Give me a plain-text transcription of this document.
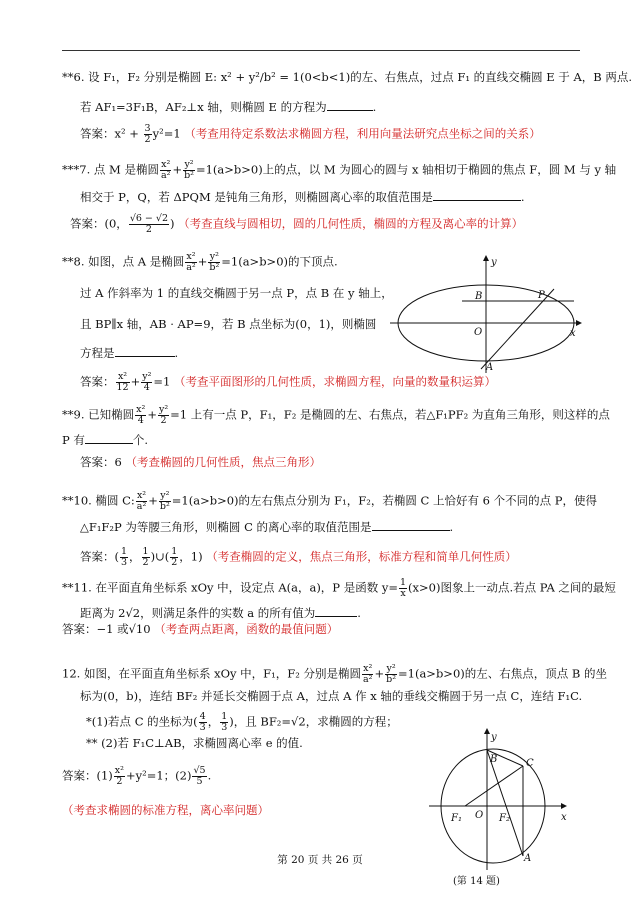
**6. 设 F₁，F₂ 分别是椭圆 E: x² + y²/b² = 1(0<b<1)的左、右焦点，过点 F₁ 的直线交椭圆 E 于 A，B 两点.
若 AF₁=3F₁B，AF₂⊥x 轴，则椭圆 E 的方程为	.
答案：$x^2 + \frac{3}{2} y^2=1$ （考查用待定系数法求椭圆方程，利用向量法研究点坐标之间的关系）
***7. 点 M 是椭圆 $\frac{\text{x²}}{\text{a²}} + \frac{\text{y²}}{\text{b²}} =1(a>b>0)$上的点，以 M 为圆心的圆与 x 轴相切于椭圆的焦点 F，圆 M 与 y 轴
相交于 P，Q，若 ΔPQM 是钝角三角形，则椭圆离心率的取值范围是	.
答案：(0， $\frac{√6 - √2}{2}$ ) （考查直线与圆相切，圆的几何性质，椭圆的方程及离心率的计算）
**8. 如图，点 A 是椭圆 $\frac{\text{x²}}{\text{a²}} + \frac{\text{y²}}{\text{b²}} =1(a>b>0)$的下顶点.
过 A 作斜率为 1 的直线交椭圆于另一点 P，点 B 在 y 轴上，
且 BP∥x 轴，AB · AP=9，若 B 点坐标为(0，1)，则椭圆
方程是	.
答案： $\frac{\text{x²}}{12} + \frac{\text{y²}}{4} =1$ （考查平面图形的几何性质，求椭圆方程，向量的数量积运算）
y
x
B	P
O
A
**9. 已知椭圆 $\frac{\text{x²}}{4} + \frac{\text{y²}}{2} =1$ 上有一点 P，F₁，F₂ 是椭圆的左、右焦点，若△F₁PF₂ 为直角三角形，则这样的点
P 有	个.
答案：6 （考查椭圆的几何性质，焦点三角形）
**10. 椭圆 C: $\frac{\text{x²}}{\text{a²}} + \frac{\text{y²}}{\text{b²}} =1(a>b>0)$的左右焦点分别为 F₁，F₂，若椭圆 C 上恰好有 6 个不同的点 P，使得
△F₁F₂P 为等腰三角形，则椭圆 C 的离心率的取值范围是	.
答案：( $\frac{1}{3}$ ， $\frac{1}{2}$ )∪( $\frac{1}{2}$ ，1) （考查椭圆的定义，焦点三角形，标准方程和简单几何性质）
**11. 在平面直角坐标系 xOy 中，设定点 A(a，a)，P 是函数 $y= \frac{1}{x} (x>0)$图象上一动点.若点 PA 之间的最短
距离为 2√2，则满足条件的实数 a 的所有值为	.
答案：−1 或√10 （考查两点距离，函数的最值问题）
12. 如图，在平面直角坐标系 xOy 中，F₁，F₂ 分别是椭圆 $\frac{\text{x²}}{\text{a²}} + \frac{\text{y²}}{\text{b²}} =1(a>b>0)$的左、右焦点，顶点 B 的坐
标为(0，b)，连结 BF₂ 并延长交椭圆于点 A，过点 A 作 x 轴的垂线交椭圆于另一点 C，连结 F₁C.
*(1)若点 C 的坐标为( $\frac{4}{3}$ ， $\frac{1}{3}$ )，且 BF₂=√2，求椭圆的方程；
** (2)若 F₁C⊥AB，求椭圆离心率 e 的值.
答案：$(1) \frac{\text{x²}}{2} +y^2=1$；$(2) \frac{√5}{5}$ .
（考查求椭圆的标准方程，离心率问题）
y
x
B	C
F₁ O F₂
A
(第 14 题)
第 20 页 共 26 页
